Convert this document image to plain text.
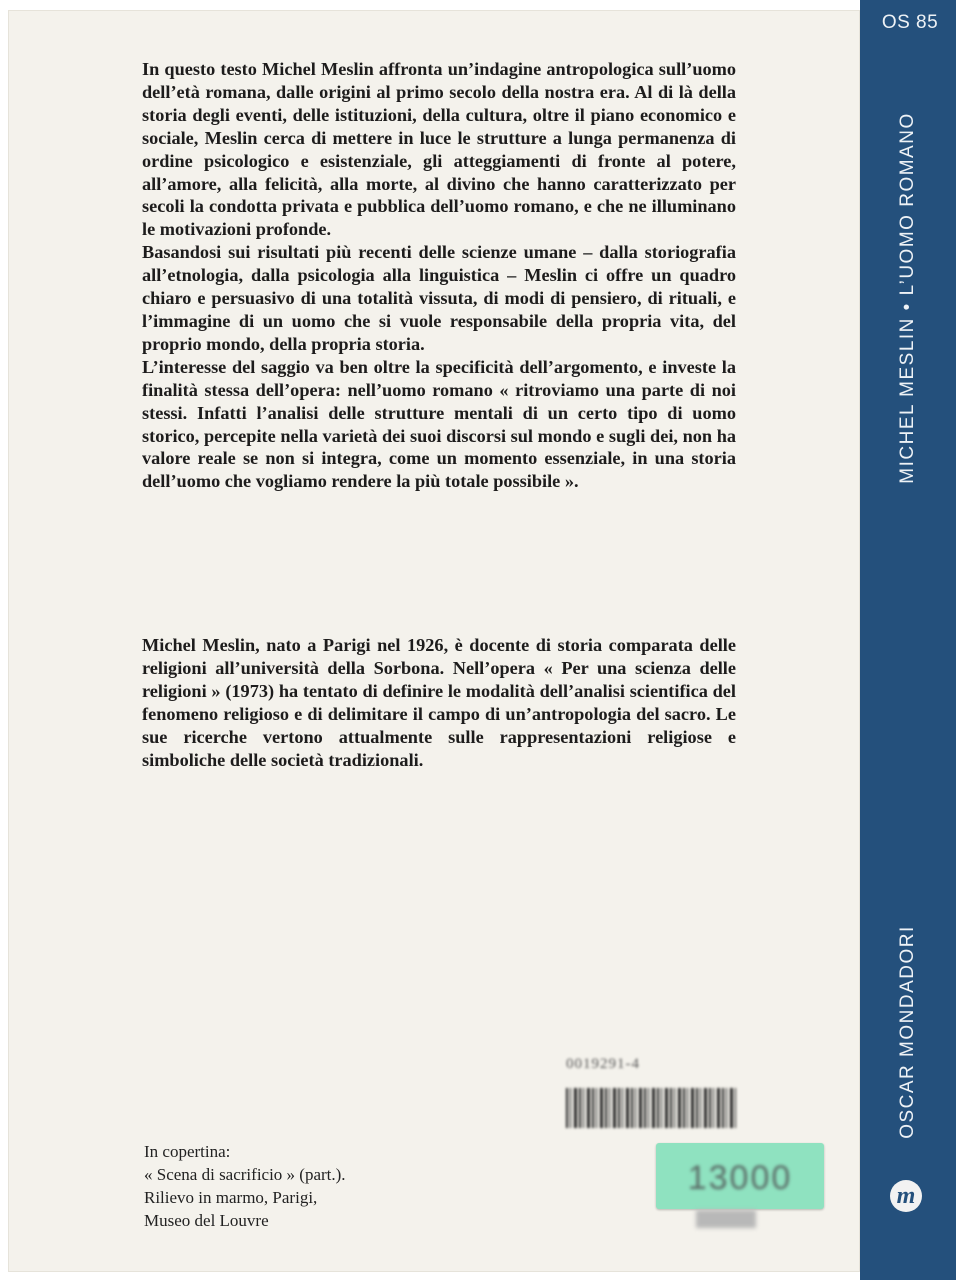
In questo testo Michel Meslin affronta un’indagine antropologica sull’uomo dell’età romana, dalle origini al primo secolo della nostra era. Al di là della storia degli eventi, delle istituzioni, della cultura, oltre il piano economico e sociale, Meslin cerca di mettere in luce le strutture a lunga permanenza di ordine psicologico e esistenziale, gli atteggiamenti di fronte al potere, all’amore, alla felicità, alla morte, al divino che hanno caratterizzato per secoli la condotta privata e pubblica dell’uomo romano, e che ne illuminano le motivazioni profonde.

Basandosi sui risultati più recenti delle scienze umane – dalla storiografia all’etnologia, dalla psicologia alla linguistica – Meslin ci offre un quadro chiaro e persuasivo di una totalità vissuta, di modi di pensiero, di rituali, e l’immagine di un uomo che si vuole responsabile della propria vita, del proprio mondo, della propria storia.

L’interesse del saggio va ben oltre la specificità dell’argomento, e investe la finalità stessa dell’opera: nell’uomo romano « ritroviamo una parte di noi stessi. Infatti l’analisi delle strutture mentali di un certo tipo di uomo storico, percepite nella varietà dei suoi discorsi sul mondo e sugli dei, non ha valore reale se non si integra, come un momento essenziale, in una storia dell’uomo che vogliamo rendere la più totale possibile ».

Michel Meslin, nato a Parigi nel 1926, è docente di storia comparata delle religioni all’università della Sorbona. Nell’opera « Per una scienza delle religioni » (1973) ha tentato di definire le modalità dell’analisi scientifica del fenomeno religioso e di delimitare il campo di un’antropologia del sacro. Le sue ricerche vertono attualmente sulle rappresentazioni religiose e simboliche delle società tradizionali.

In copertina:
« Scena di sacrificio » (part.).
Rilievo in marmo, Parigi,
Museo del Louvre
0019291-4
13000
OS 85
MICHEL MESLIN • L’UOMO ROMANO
OSCAR MONDADORI
m
